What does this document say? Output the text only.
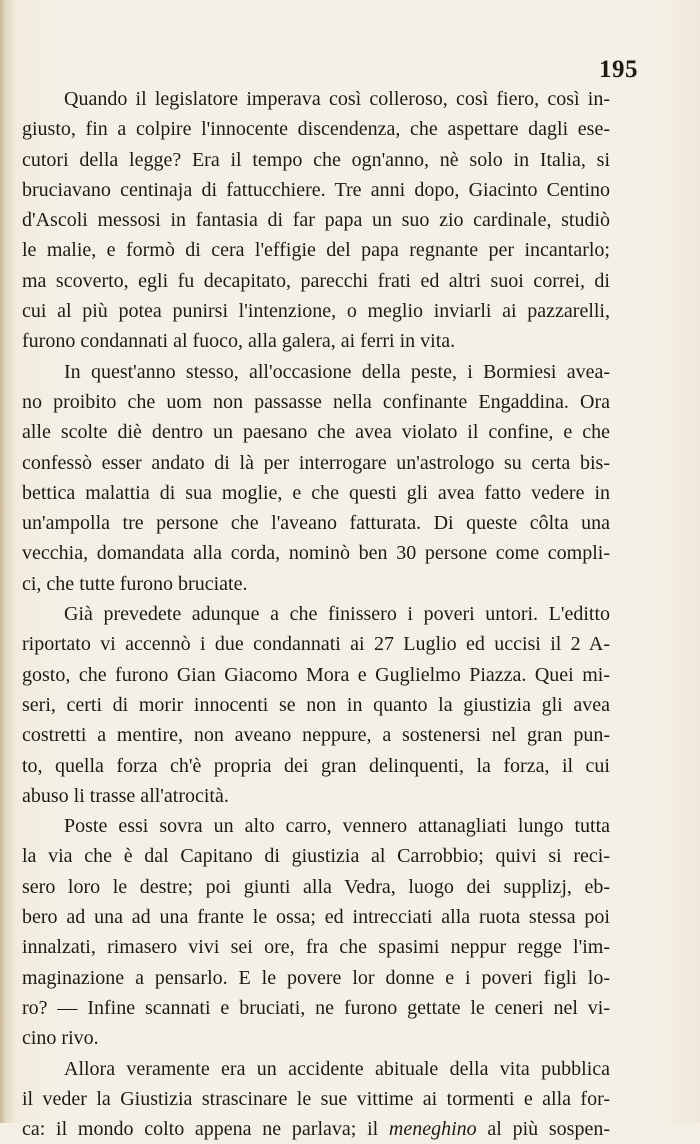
195
Quando il legislatore imperava così colleroso, così fiero, così in-
giusto, fin a colpire l'innocente discendenza, che aspettare dagli ese-
cutori della legge? Era il tempo che ogn'anno, nè solo in Italia, si
bruciavano centinaja di fattucchiere. Tre anni dopo, Giacinto Centino
d'Ascoli messosi in fantasia di far papa un suo zio cardinale, studiò
le malie, e formò di cera l'effigie del papa regnante per incantarlo;
ma scoverto, egli fu decapitato, parecchi frati ed altri suoi correi, di
cui al più potea punirsi l'intenzione, o meglio inviarli ai pazzarelli,
furono condannati al fuoco, alla galera, ai ferri in vita.
In quest'anno stesso, all'occasione della peste, i Bormiesi avea-
no proibito che uom non passasse nella confinante Engaddina. Ora
alle scolte diè dentro un paesano che avea violato il confine, e che
confessò esser andato di là per interrogare un'astrologo su certa bis-
bettica malattia di sua moglie, e che questi gli avea fatto vedere in
un'ampolla tre persone che l'aveano fatturata. Di queste côlta una
vecchia, domandata alla corda, nominò ben 30 persone come compli-
ci, che tutte furono bruciate.
Già prevedete adunque a che finissero i poveri untori. L'editto
riportato vi accennò i due condannati ai 27 Luglio ed uccisi il 2 A-
gosto, che furono Gian Giacomo Mora e Guglielmo Piazza. Quei mi-
seri, certi di morir innocenti se non in quanto la giustizia gli avea
costretti a mentire, non aveano neppure, a sostenersi nel gran pun-
to, quella forza ch'è propria dei gran delinquenti, la forza, il cui
abuso li trasse all'atrocità.
Poste essi sovra un alto carro, vennero attanagliati lungo tutta
la via che è dal Capitano di giustizia al Carrobbio; quivi si reci-
sero loro le destre; poi giunti alla Vedra, luogo dei supplizj, eb-
bero ad una ad una frante le ossa; ed intrecciati alla ruota stessa poi
innalzati, rimasero vivi sei ore, fra che spasimi neppur regge l'im-
maginazione a pensarlo. E le povere lor donne e i poveri figli lo-
ro? — Infine scannati e bruciati, ne furono gettate le ceneri nel vi-
cino rivo.
Allora veramente era un accidente abituale della vita pubblica
il veder la Giustizia strascinare le sue vittime ai tormenti e alla for-
ca: il mondo colto appena ne parlava; il meneghino al più sospen-
